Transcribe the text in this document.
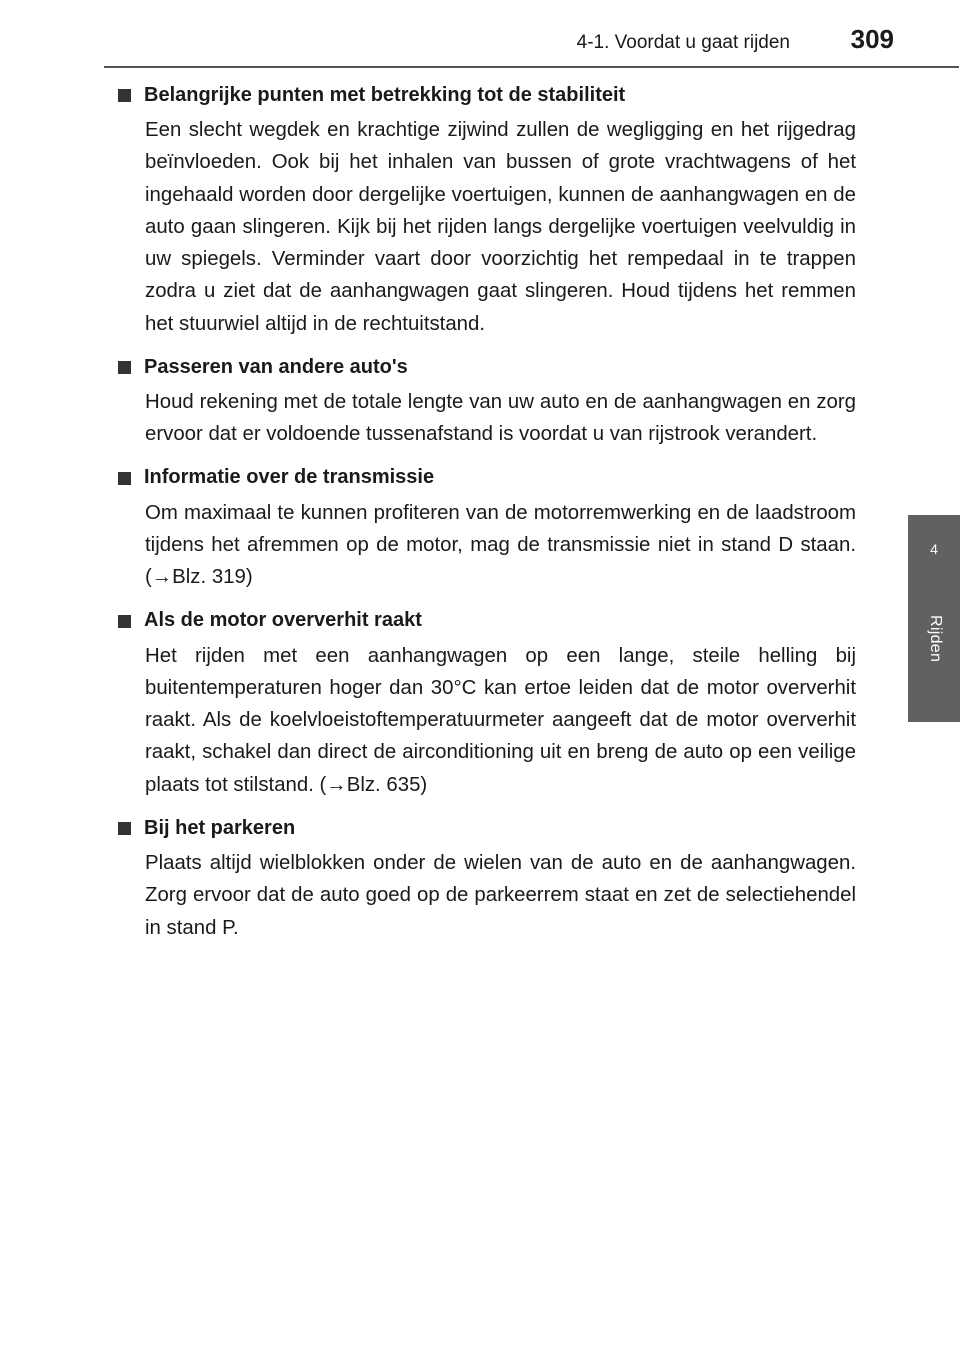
4-1. Voordat u gaat rijden 309
4
Rijden
Belangrijke punten met betrekking tot de stabiliteit

Een slecht wegdek en krachtige zijwind zullen de wegligging en het rijgedrag beïnvloeden. Ook bij het inhalen van bussen of grote vrachtwagens of het ingehaald worden door dergelijke voertuigen, kunnen de aanhangwagen en de auto gaan slingeren. Kijk bij het rijden langs dergelijke voertuigen veelvuldig in uw spiegels. Verminder vaart door voorzichtig het rempedaal in te trappen zodra u ziet dat de aanhangwagen gaat slingeren. Houd tijdens het remmen het stuurwiel altijd in de rechtuitstand.

Passeren van andere auto's

Houd rekening met de totale lengte van uw auto en de aanhangwagen en zorg ervoor dat er voldoende tussenafstand is voordat u van rijstrook verandert.

Informatie over de transmissie

Om maximaal te kunnen profiteren van de motorremwerking en de laadstroom tijdens het afremmen op de motor, mag de transmissie niet in stand D staan. (→Blz. 319)

Als de motor oververhit raakt

Het rijden met een aanhangwagen op een lange, steile helling bij buitentemperaturen hoger dan 30°C kan ertoe leiden dat de motor oververhit raakt. Als de koelvloeistoftemperatuurmeter aangeeft dat de motor oververhit raakt, schakel dan direct de airconditioning uit en breng de auto op een veilige plaats tot stilstand. (→Blz. 635)

Bij het parkeren

Plaats altijd wielblokken onder de wielen van de auto en de aanhangwagen. Zorg ervoor dat de auto goed op de parkeerrem staat en zet de selectiehendel in stand P.
